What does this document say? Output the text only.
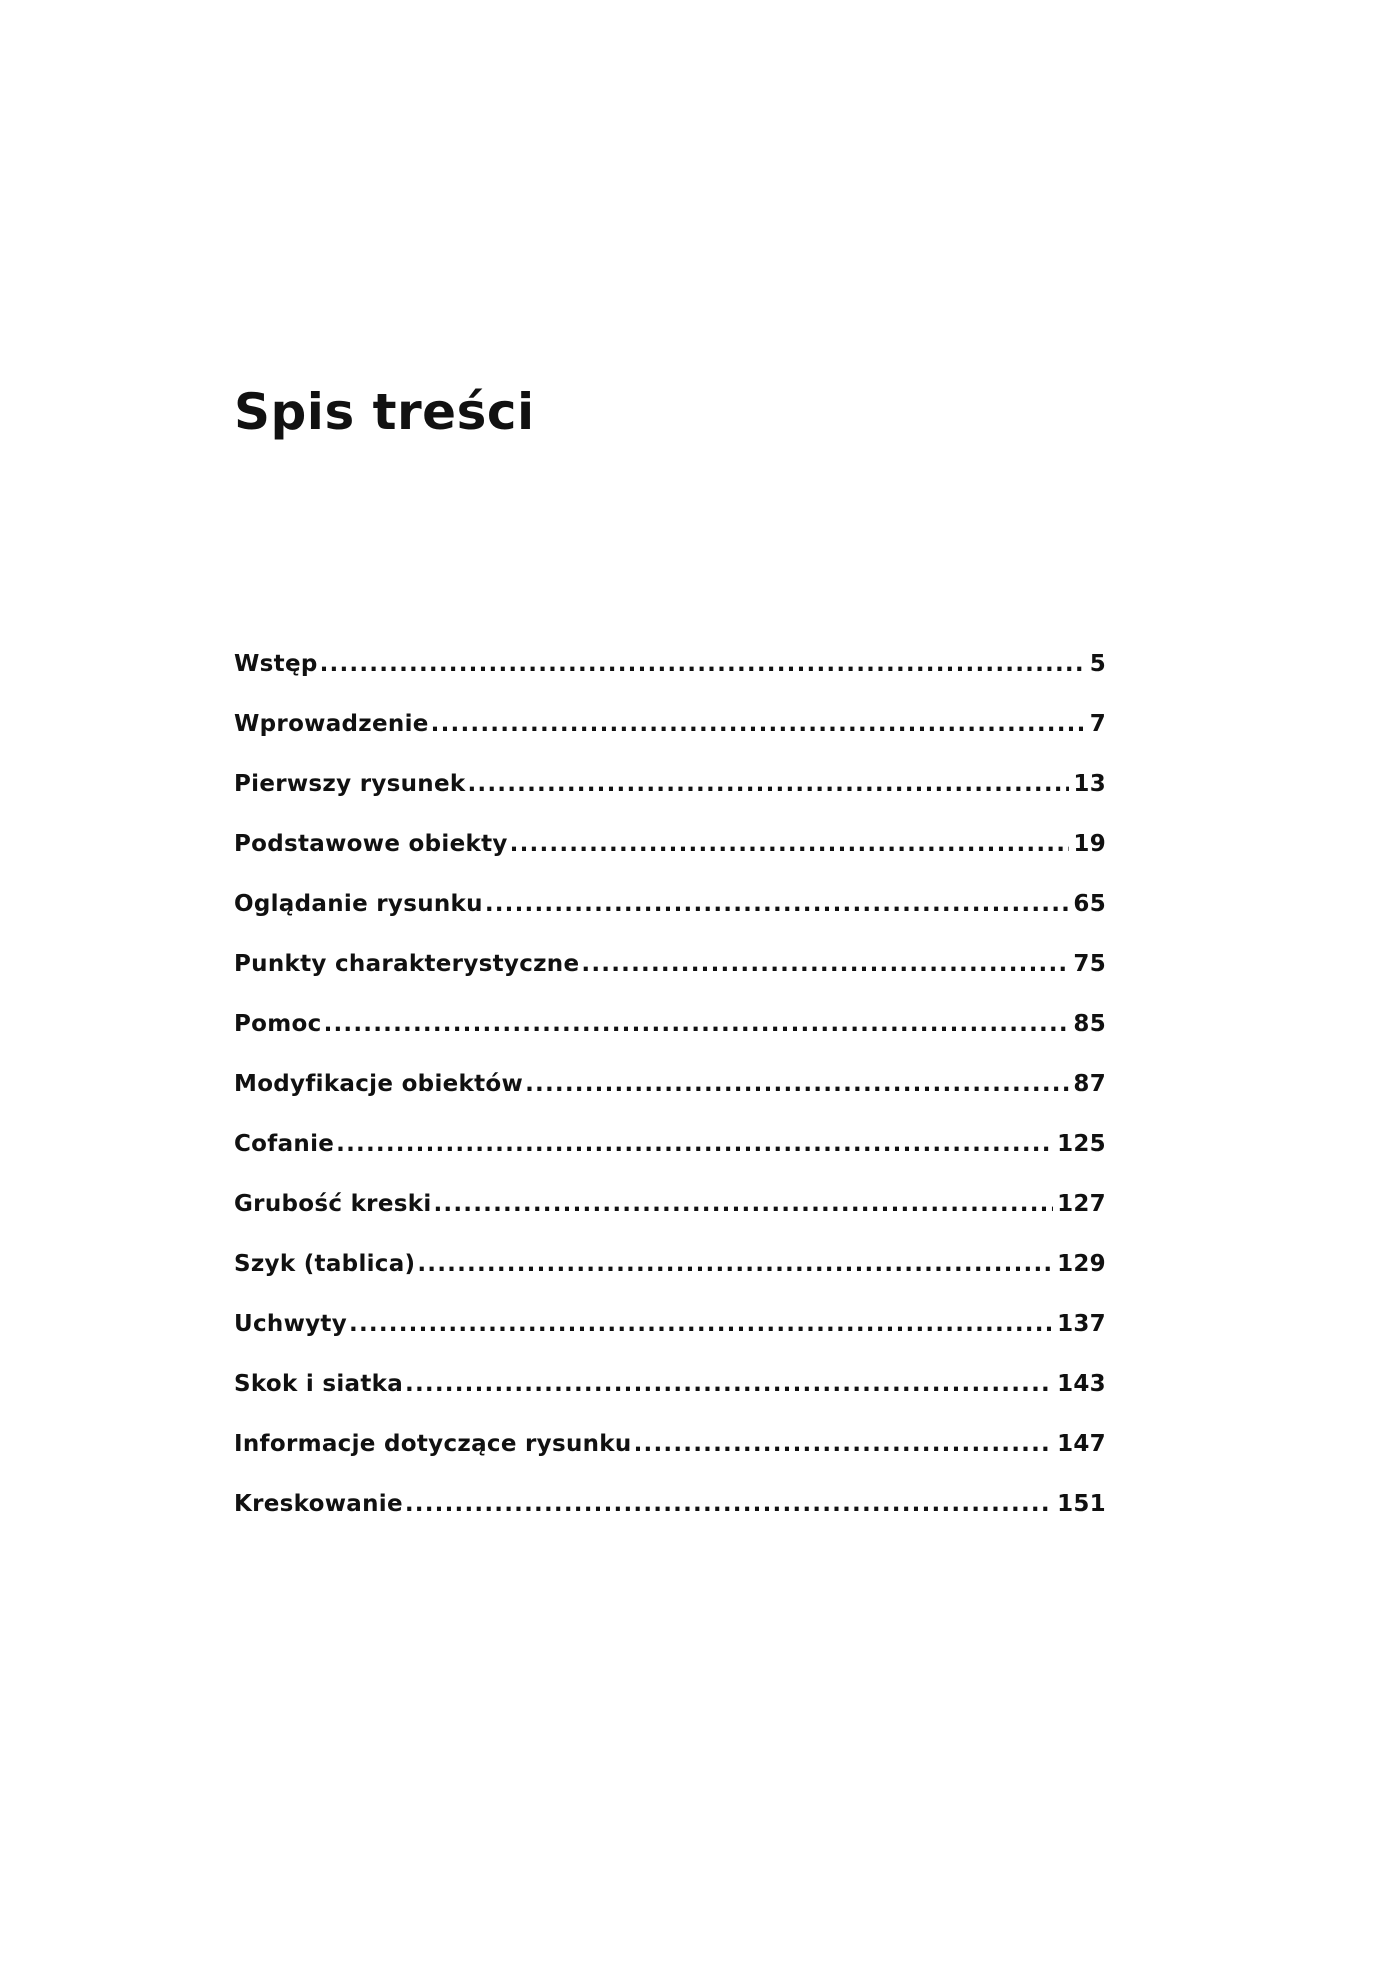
Spis treści
Wstęp .....	5
Wprowadzenie .....	7
Pierwszy rysunek .....	13
Podstawowe obiekty .....	19
Oglądanie rysunku .....	65
Punkty charakterystyczne .....	75
Pomoc .....	85
Modyfikacje obiektów .....	87
Cofanie .....	125
Grubość kreski .....	127
Szyk (tablica) .....	129
Uchwyty .....	137
Skok i siatka .....	143
Informacje dotyczące rysunku .....	147
Kreskowanie .....	151
